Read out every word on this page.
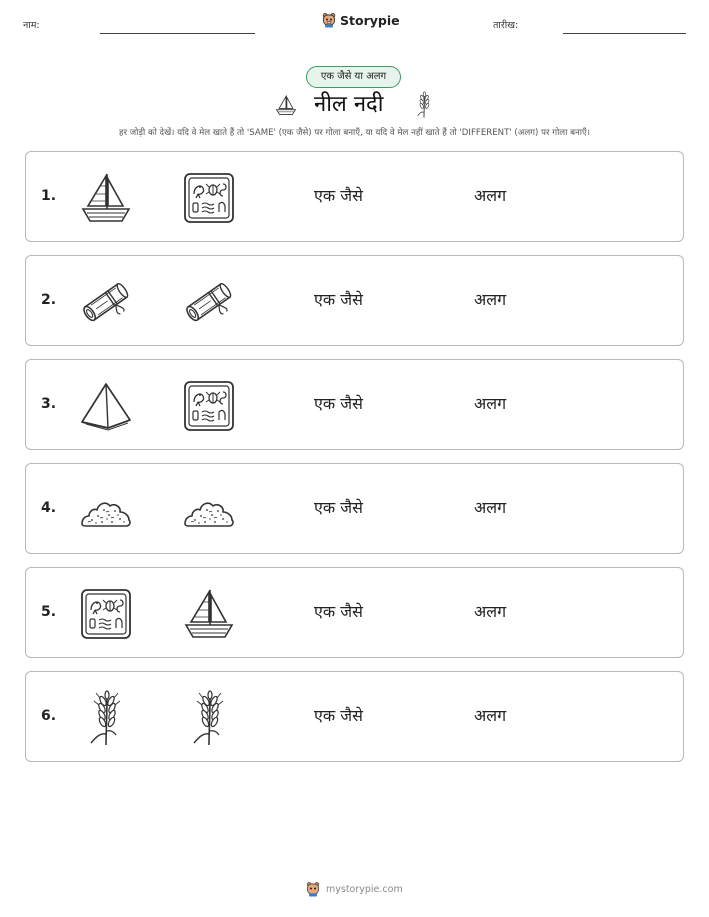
नाम:	Storypie	तारीख:
एक जैसे या अलग
नील नदी
हर जोड़ी को देखें। यदि वे मेल खाते हैं तो 'SAME' (एक जैसे) पर गोला बनाएँ, या यदि वे मेल नहीं खाते हैं तो 'DIFFERENT' (अलग) पर गोला बनाएँ।
1.	एक जैसे	अलग
2.	एक जैसे	अलग
3.	एक जैसे	अलग
4.	एक जैसे	अलग
5.	एक जैसे	अलग
6.	एक जैसे	अलग
mystorypie.com
